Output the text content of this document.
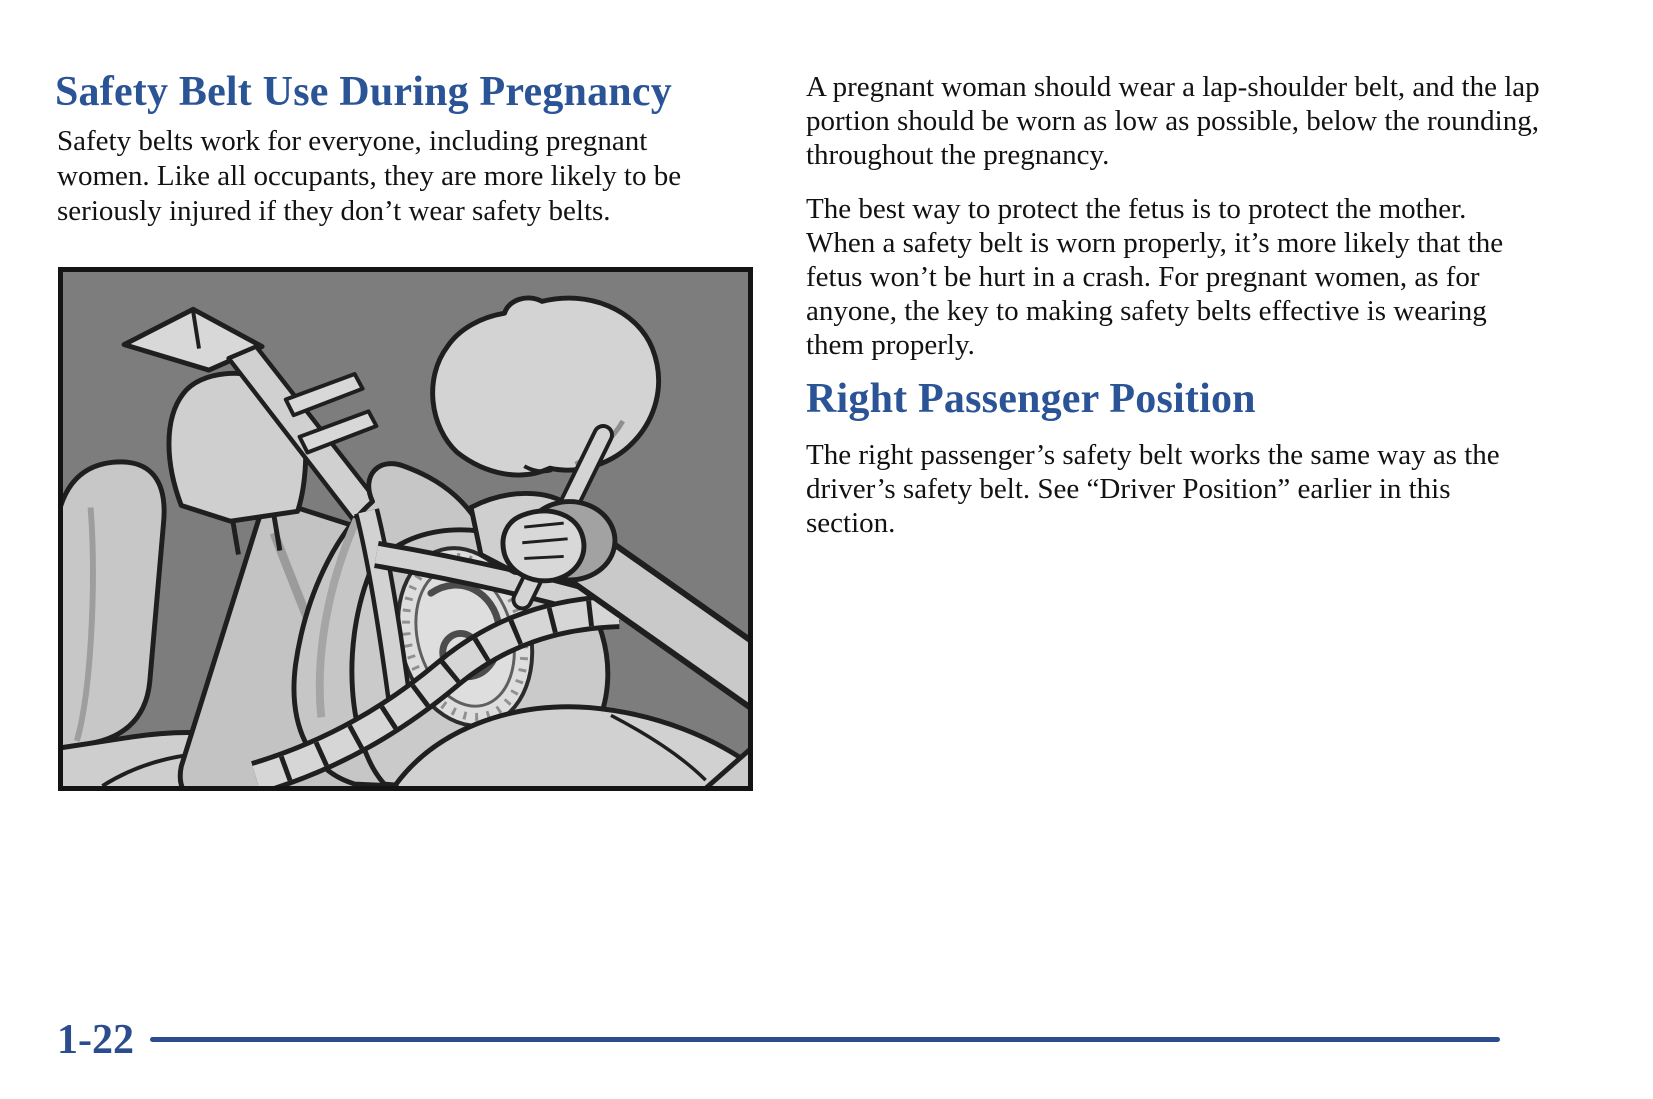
Safety Belt Use During Pregnancy

Safety belts work for everyone, including pregnant women. Like all occupants, they are more likely to be seriously injured if they don’t wear safety belts.

A pregnant woman should wear a lap-shoulder belt, and the lap portion should be worn as low as possible, below the rounding, throughout the pregnancy.

The best way to protect the fetus is to protect the mother. When a safety belt is worn properly, it’s more likely that the fetus won’t be hurt in a crash. For pregnant women, as for anyone, the key to making safety belts effective is wearing them properly.

Right Passenger Position

The right passenger’s safety belt works the same way as the driver’s safety belt. See “Driver Position” earlier in this section.

1-22
